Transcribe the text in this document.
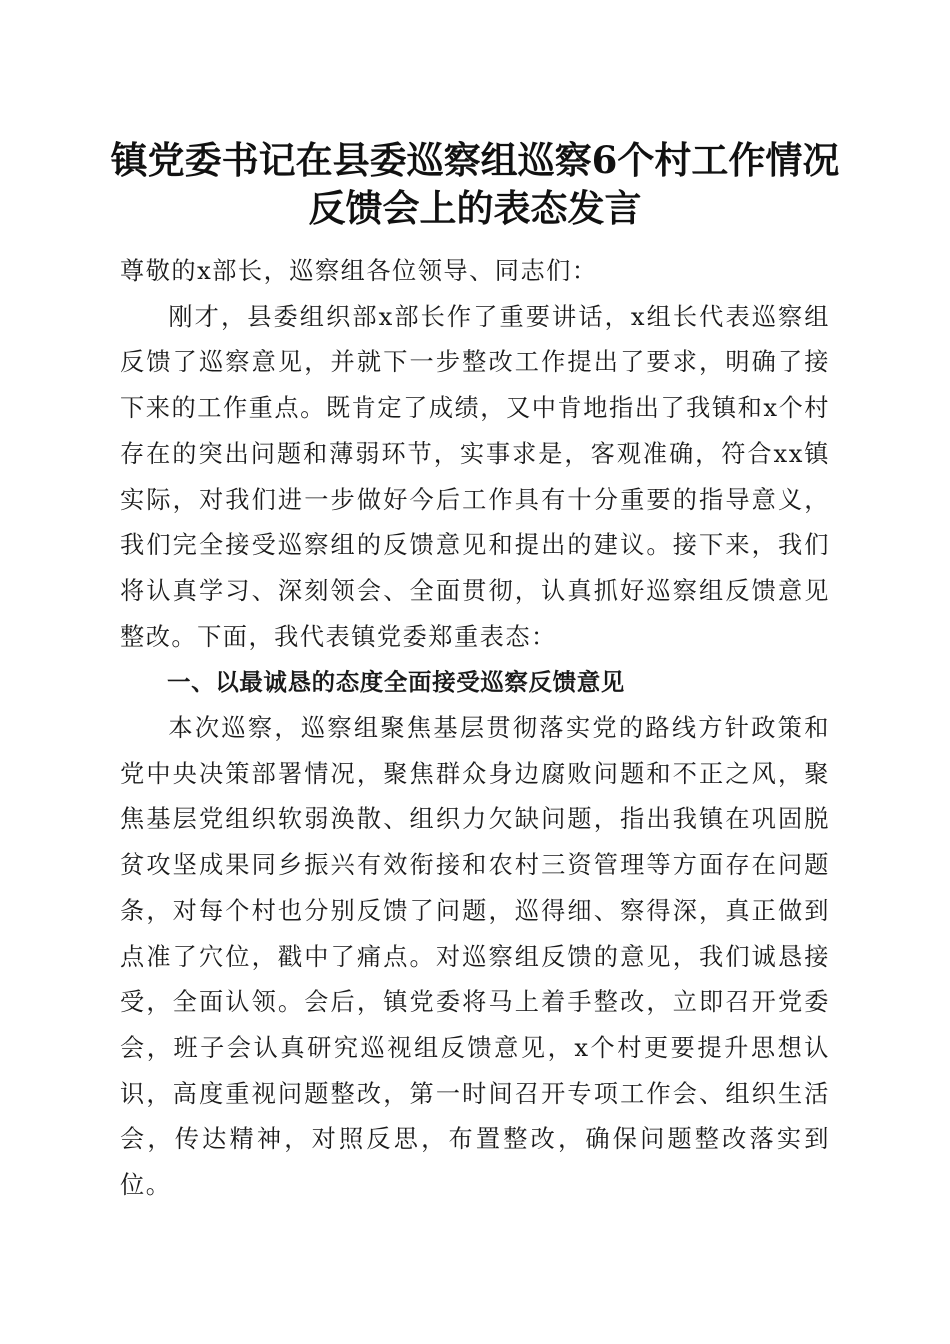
镇党委书记在县委巡察组巡察6个村工作情况
反馈会上的表态发言

尊敬的x部长，巡察组各位领导、同志们：

刚才，县委组织部x部长作了重要讲话，x组长代表巡察组反馈了巡察意见，并就下一步整改工作提出了要求，明确了接下来的工作重点。既肯定了成绩，又中肯地指出了我镇和x个村存在的突出问题和薄弱环节，实事求是，客观准确，符合xx镇实际，对我们进一步做好今后工作具有十分重要的指导意义，我们完全接受巡察组的反馈意见和提出的建议。接下来，我们将认真学习、深刻领会、全面贯彻，认真抓好巡察组反馈意见整改。下面，我代表镇党委郑重表态：

一、以最诚恳的态度全面接受巡察反馈意见

本次巡察，巡察组聚焦基层贯彻落实党的路线方针政策和党中央决策部署情况，聚焦群众身边腐败问题和不正之风，聚焦基层党组织软弱涣散、组织力欠缺问题，指出我镇在巩固脱贫攻坚成果同乡振兴有效衔接和农村三资管理等方面存在问题条，对每个村也分别反馈了问题，巡得细、察得深，真正做到点准了穴位，戳中了痛点。对巡察组反馈的意见，我们诚恳接受，全面认领。会后，镇党委将马上着手整改，立即召开党委会，班子会认真研究巡视组反馈意见，x个村更要提升思想认识，高度重视问题整改，第一时间召开专项工作会、组织生活会，传达精神，对照反思，布置整改，确保问题整改落实到位。
